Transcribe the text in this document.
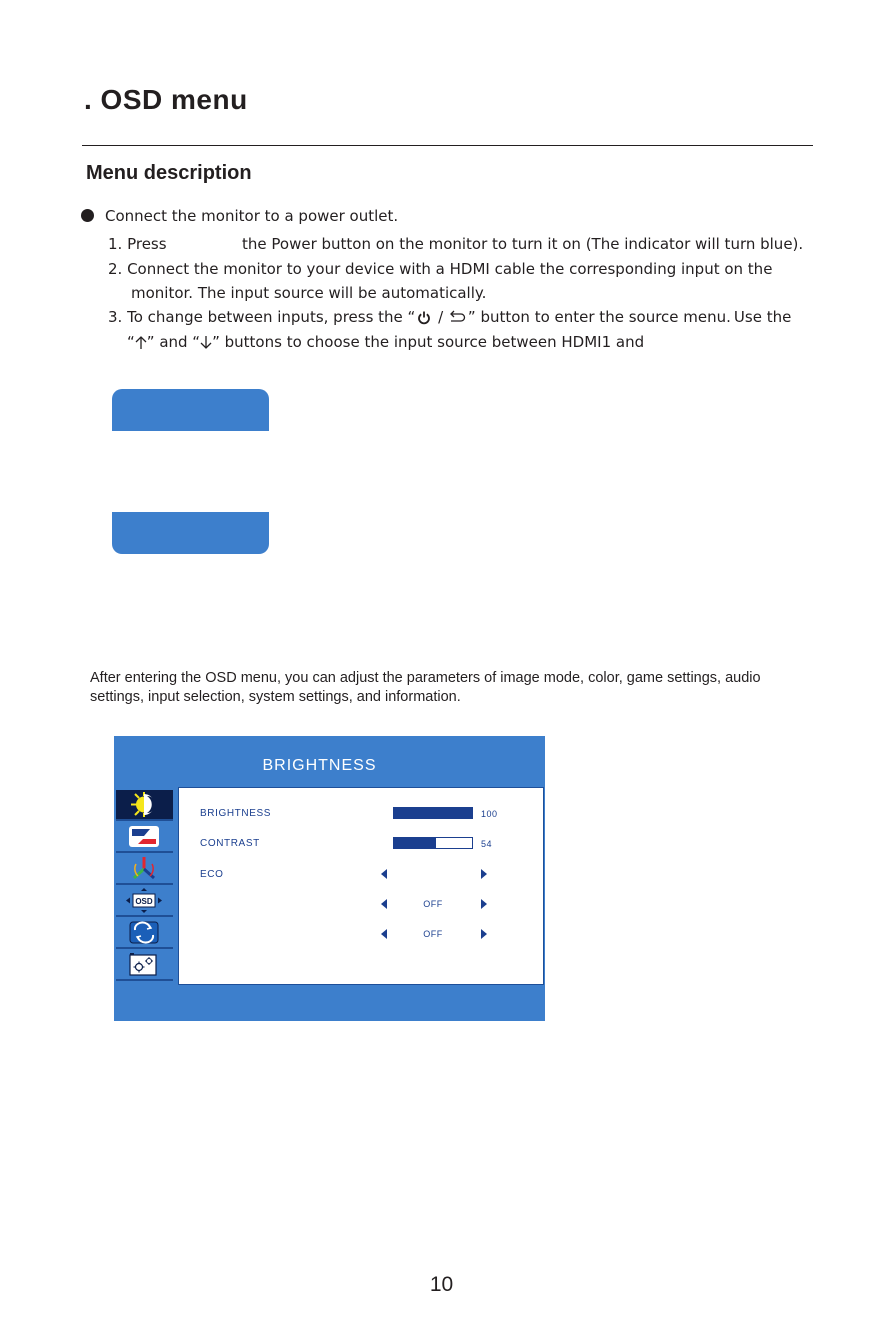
. OSD menu
Menu description
Connect the monitor to a power outlet.
1. Press	the Power button on the monitor to turn it on (The indicator will turn blue).
2. Connect the monitor to your device with a HDMI cable the corresponding input on the
monitor. The input source will be automatically.
3. To change between inputs, press the “ / ” button to enter the source menu. Use the
“ ” and “ ” buttons to choose the input source between HDMI1 and
After entering the OSD menu, you can adjust the parameters of image mode, color, game settings, audio
settings, input selection, system settings, and information.
BRIGHTNESS
OSD
BRIGHTNESS	100
CONTRAST	54
ECO
OFF
OFF
10
